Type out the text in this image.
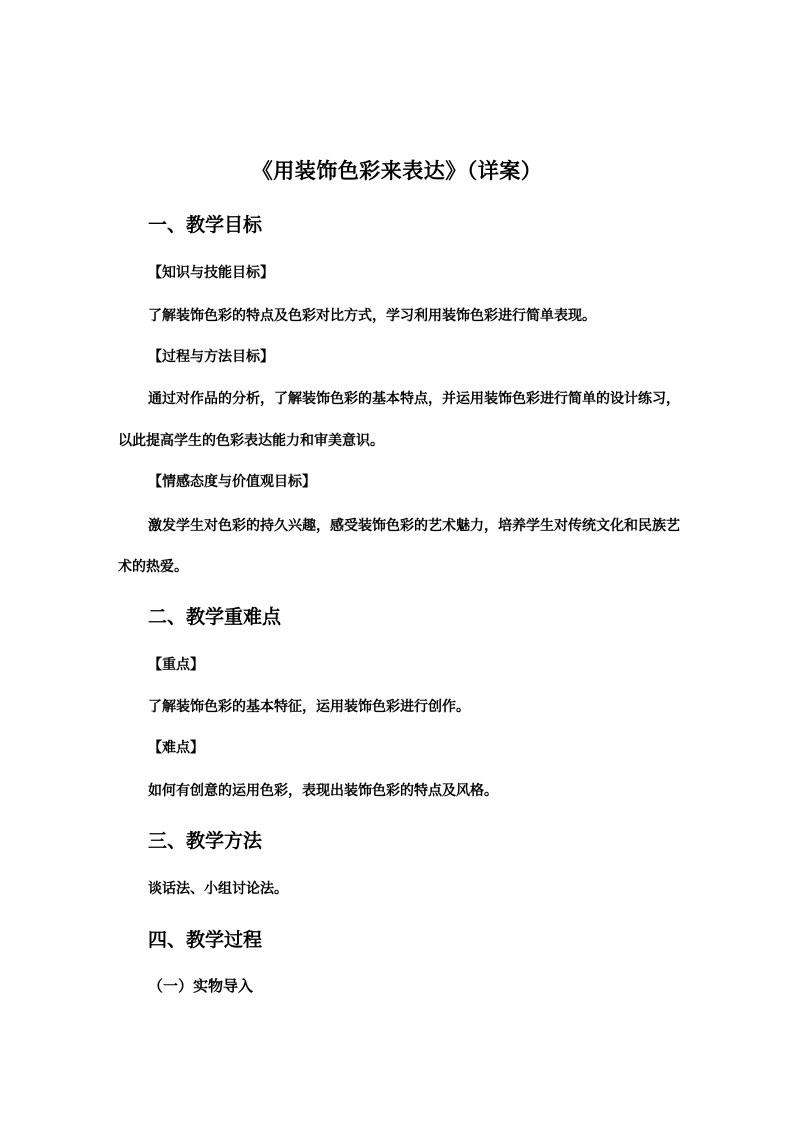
《用装饰色彩来表达》（详案）
一、教学目标
【知识与技能目标】
了解装饰色彩的特点及色彩对比方式，学习利用装饰色彩进行简单表现。
【过程与方法目标】
通过对作品的分析，了解装饰色彩的基本特点，并运用装饰色彩进行简单的设计练习，
以此提高学生的色彩表达能力和审美意识。
【情感态度与价值观目标】
激发学生对色彩的持久兴趣，感受装饰色彩的艺术魅力，培养学生对传统文化和民族艺
术的热爱。
二、教学重难点
【重点】
了解装饰色彩的基本特征，运用装饰色彩进行创作。
【难点】
如何有创意的运用色彩，表现出装饰色彩的特点及风格。
三、教学方法
谈话法、小组讨论法。
四、教学过程
（一）实物导入
